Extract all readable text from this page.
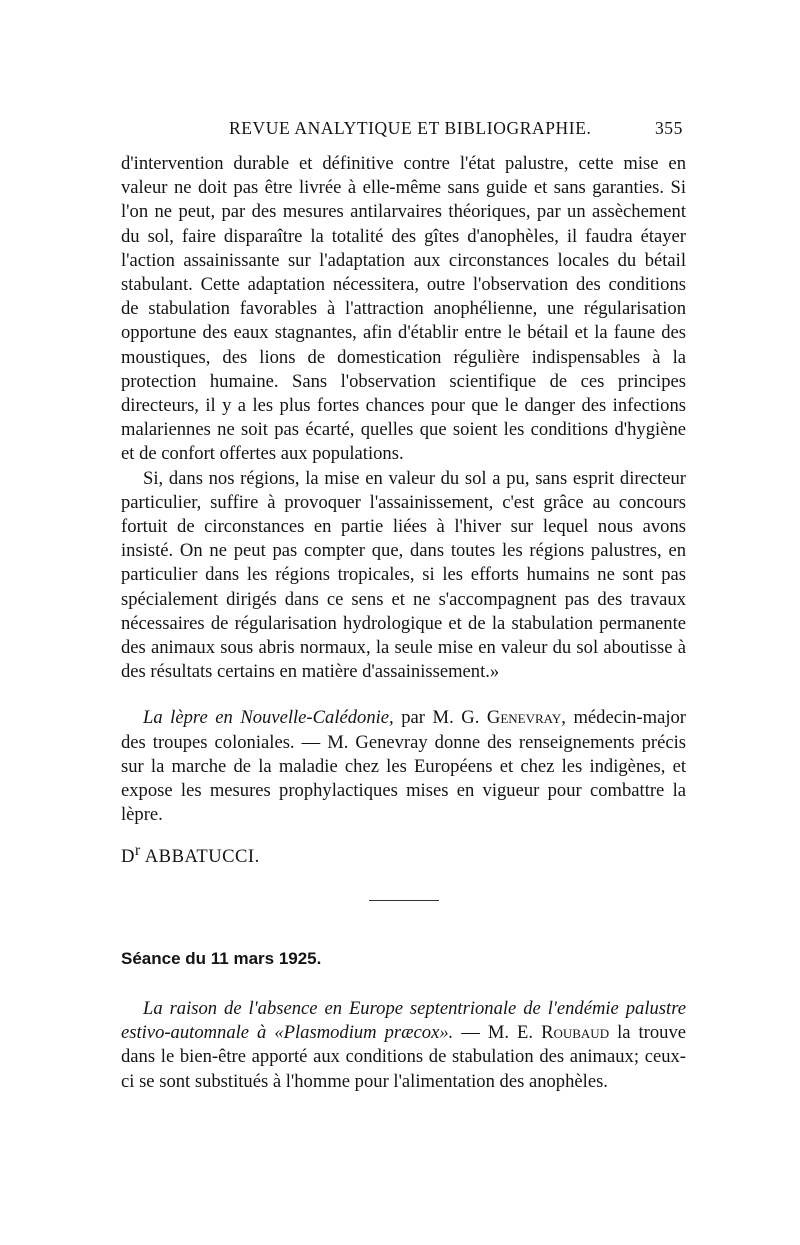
REVUE ANALYTIQUE ET BIBLIOGRAPHIE.	355

d'intervention durable et définitive contre l'état palustre, cette mise en valeur ne doit pas être livrée à elle-même sans guide et sans garanties. Si l'on ne peut, par des mesures antilarvaires théoriques, par un assèchement du sol, faire disparaître la totalité des gîtes d'anophèles, il faudra étayer l'action assainissante sur l'adaptation aux circonstances locales du bétail stabulant. Cette adaptation nécessitera, outre l'observation des conditions de stabulation favorables à l'attraction anophélienne, une régularisation opportune des eaux stagnantes, afin d'établir entre le bétail et la faune des moustiques, des lions de domestication régulière indispensables à la protection humaine. Sans l'observation scientifique de ces principes directeurs, il y a les plus fortes chances pour que le danger des infections malariennes ne soit pas écarté, quelles que soient les conditions d'hygiène et de confort offertes aux populations.

Si, dans nos régions, la mise en valeur du sol a pu, sans esprit directeur particulier, suffire à provoquer l'assainissement, c'est grâce au concours fortuit de circonstances en partie liées à l'hiver sur lequel nous avons insisté. On ne peut pas compter que, dans toutes les régions palustres, en particulier dans les régions tropicales, si les efforts humains ne sont pas spécialement dirigés dans ce sens et ne s'accompagnent pas des travaux nécessaires de régularisation hydrologique et de la stabulation permanente des animaux sous abris normaux, la seule mise en valeur du sol aboutisse à des résultats certains en matière d'assainissement.»

La lèpre en Nouvelle-Calédonie, par M. G. Genevray, médecin-major des troupes coloniales. — M. Genevray donne des renseignements précis sur la marche de la maladie chez les Européens et chez les indigènes, et expose les mesures prophylactiques mises en vigueur pour combattre la lèpre.

$D^r$ ABBATUCCI.

Séance du 11 mars 1925.

La raison de l'absence en Europe septentrionale de l'endémie palustre estivo-automnale à «Plasmodium præcox». — M. E. Roubaud la trouve dans le bien-être apporté aux conditions de stabulation des animaux; ceux-ci se sont substitués à l'homme pour l'alimentation des anophèles.
